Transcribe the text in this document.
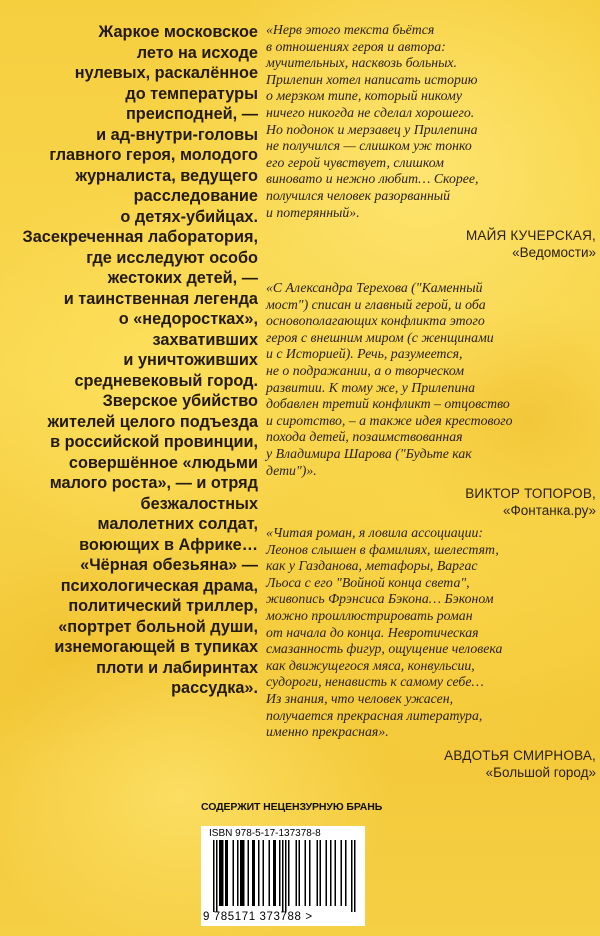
Жаркое московское
лето на исходе
нулевых, раскалённое
до температуры
преисподней, —
и ад-внутри-головы
главного героя, молодого
журналиста, ведущего
расследование
о детях-убийцах.
Засекреченная лаборатория,
где исследуют особо
жестоких детей, —
и таинственная легенда
о «недоростках»,
захвативших
и уничтоживших
средневековый город.
Зверское убийство
жителей целого подъезда
в российской провинции,
совершённое «людьми
малого роста», — и отряд
безжалостных
малолетних солдат,
воюющих в Африке…
«Чёрная обезьяна» —
психологическая драма,
политический триллер,
«портрет больной души,
изнемогающей в тупиках
плоти и лабиринтах
рассудка».
«Нерв этого текста бьётся
в отношениях героя и автора:
мучительных, насквозь больных.
Прилепин хотел написать историю
о мерзком типе, который никому
ничего никогда не сделал хорошего.
Но подонок и мерзавец у Прилепина
не получился — слишком уж тонко
его герой чувствует, слишком
виновато и нежно любит… Скорее,
получился человек разорванный
и потерянный».
МАЙЯ КУЧЕРСКАЯ,
«Ведомости»
«С Александра Терехова ("Каменный
мост") списан и главный герой, и оба
основополагающих конфликта этого
героя с внешним миром (с женщинами
и с Историей). Речь, разумеется,
не о подражании, а о творческом
развитии. К тому же, у Прилепина
добавлен третий конфликт – отцовство
и сиротство, – а также идея крестового
похода детей, позаимствованная
у Владимира Шарова ("Будьте как
дети")».
ВИКТОР ТОПОРОВ,
«Фонтанка.ру»
«Читая роман, я ловила ассоциации:
Леонов слышен в фамилиях, шелестят,
как у Газданова, метафоры, Варгас
Льоса с его "Войной конца света",
живопись Фрэнсиса Бэкона… Бэконом
можно проиллюстрировать роман
от начала до конца. Невротическая
смазанность фигур, ощущение человека
как движущегося мяса, конвульсии,
судороги, ненависть к самому себе…
Из знания, что человек ужасен,
получается прекрасная литература,
именно прекрасная».
АВДОТЬЯ СМИРНОВА,
«Большой город»
СОДЕРЖИТ НЕЦЕНЗУРНУЮ БРАНЬ
ISBN 978-5-17-137378-8
9 785171 373788 >
